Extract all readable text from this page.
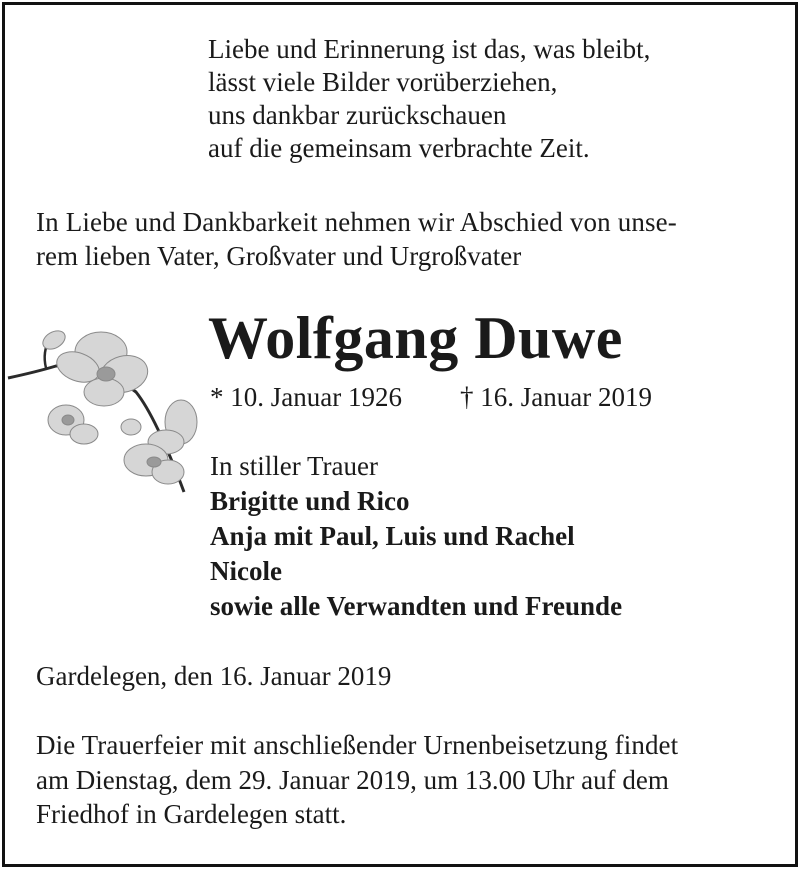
Liebe und Erinnerung ist das, was bleibt,
lässt viele Bilder vorüberziehen,
uns dankbar zurückschauen
auf die gemeinsam verbrachte Zeit.
In Liebe und Dankbarkeit nehmen wir Abschied von unse-
rem lieben Vater, Großvater und Urgroßvater
Wolfgang Duwe
* 10. Januar 1926 † 16. Januar 2019
In stiller Trauer
Brigitte und Rico
Anja mit Paul, Luis und Rachel
Nicole
sowie alle Verwandten und Freunde
Gardelegen, den 16. Januar 2019
Die Trauerfeier mit anschließender Urnenbeisetzung findet
am Dienstag, dem 29. Januar 2019, um 13.00 Uhr auf dem
Friedhof in Gardelegen statt.
